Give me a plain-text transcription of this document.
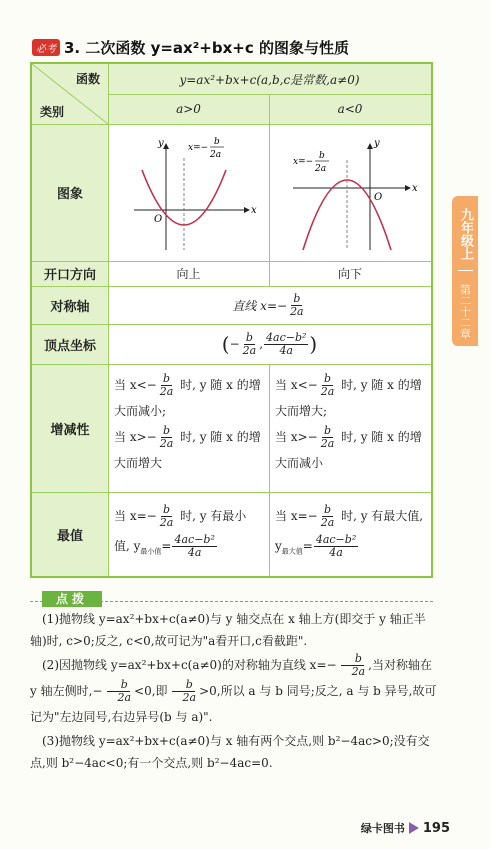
必考 3. 二次函数 y=ax²+bx+c 的图象与性质
函数
类别
y=ax²+bx+c(a,b,c是常数,a≠0)
a>0	a<0
图象
开口方向
对称轴
顶点坐标
增减性
最值
y
x
O
x=−
b
2a
y
x
O
x=−
b
2a
向上	向下
直线 $x=- \frac{b}{2a}$
( − $\frac{b}{2a}$ , $\frac{\text{4ac−b²}}{4a}$ )
当 $x<- \frac{b}{2a}$ 时, y 随 x 的增
大而减小;
当 $x>- \frac{b}{2a}$ 时, y 随 x 的增
大而增大
当 $x<- \frac{b}{2a}$ 时, y 随 x 的增
大而增大;
当 $x>- \frac{b}{2a}$ 时, y 随 x 的增
大而减小
当 $x=- \frac{b}{2a}$ 时, y 有最小
值, $y_{最小值}= \frac{\text{4ac−b²}}{4a}$
当 $x=- \frac{b}{2a}$ 时, y 有最大值,
$y_{最大值}= \frac{\text{4ac−b²}}{4a}$
点拨

(1)抛物线 y=ax²+bx+c(a≠0)与 y 轴交点在 x 轴上方(即交于 y 轴正半轴)时, c>0;反之, c<0,故可记为"a看开口,c看截距".

(2)因抛物线 y=ax²+bx+c(a≠0)的对称轴为直线 $x=- \frac{b}{2a}$ ,当对称轴在 y 轴左侧时,− $\frac{b}{2a} <0$,即 $\frac{b}{2a} >0$,所以 a 与 b 同号;反之, a 与 b 异号,故可记为"左边同号,右边异号(b 与 a)".

(3)抛物线 y=ax²+bx+c(a≠0)与 x 轴有两个交点,则 b²−4ac>0;没有交点,则 b²−4ac<0;有一个交点,则 b²−4ac=0.

九年级上
第二十二章
绿卡图书 195
